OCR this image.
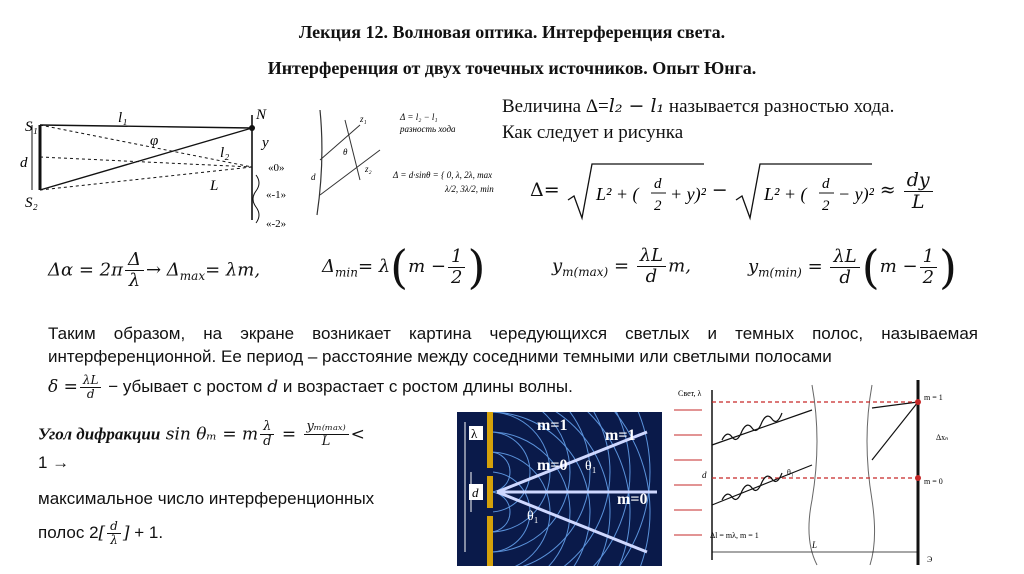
Лекция 12. Волновая оптика. Интерференция света.
Интерференция от двух точечных источников. Опыт Юнга.
S₁
S₂
d
l₁
l₂
φ
L
N
y
«0»
«-1»
«-2»
z₁
z₂
θ
d
Δ = l₂ − l₁
разность хода
Δ = d·sinθ = { 0, λ, 2λ, max
λ/2, 3λ/2, min
Величина Δ=l₂ − l₁ называется разностью хода.
Как следует и рисунка
Δ= L² + ( d
2
+ y)² − L² + ( d
2
− $y)^2 \approx \frac{dy}{L}$
$\Delta\alpha = 2\pi \frac{\Delta}{\lambda} \to \Delta_{max}= \lambda m$,	$\Delta_{min}= \lambda(m - \frac{1}{2}$ )	$y_{m(max)} = \frac{\lambda L}{d} m$,	$y_{m(min)} = \frac{\lambda L}{d} (m - \frac{1}{2}$ )
Таким образом, на экране возникает картина чередующихся светлых и темных полос, называемая интерференционной. Ее период – расстояние между соседними темными или светлыми полосами
$\delta = \frac{\lambda L}{d}$ − убывает с ростом d и возрастает с ростом длины волны.
Угол дифракции sin θₘ = m $\frac{\lambda}{d} = \frac{\text{yₘ₍ₘₐₓ₎}}{L}$ <
1 →
максимальное число интерференционных
полос $2[ \frac{d}{\lambda}$ ] + 1.
λ
d
m=1
m=1
m=0
m=0
θ₁
θ₁
Свет, λ
d	θ₁
m = 1
m = 0
Δxₙ
Δl = mλ, m = 1
L
Э
